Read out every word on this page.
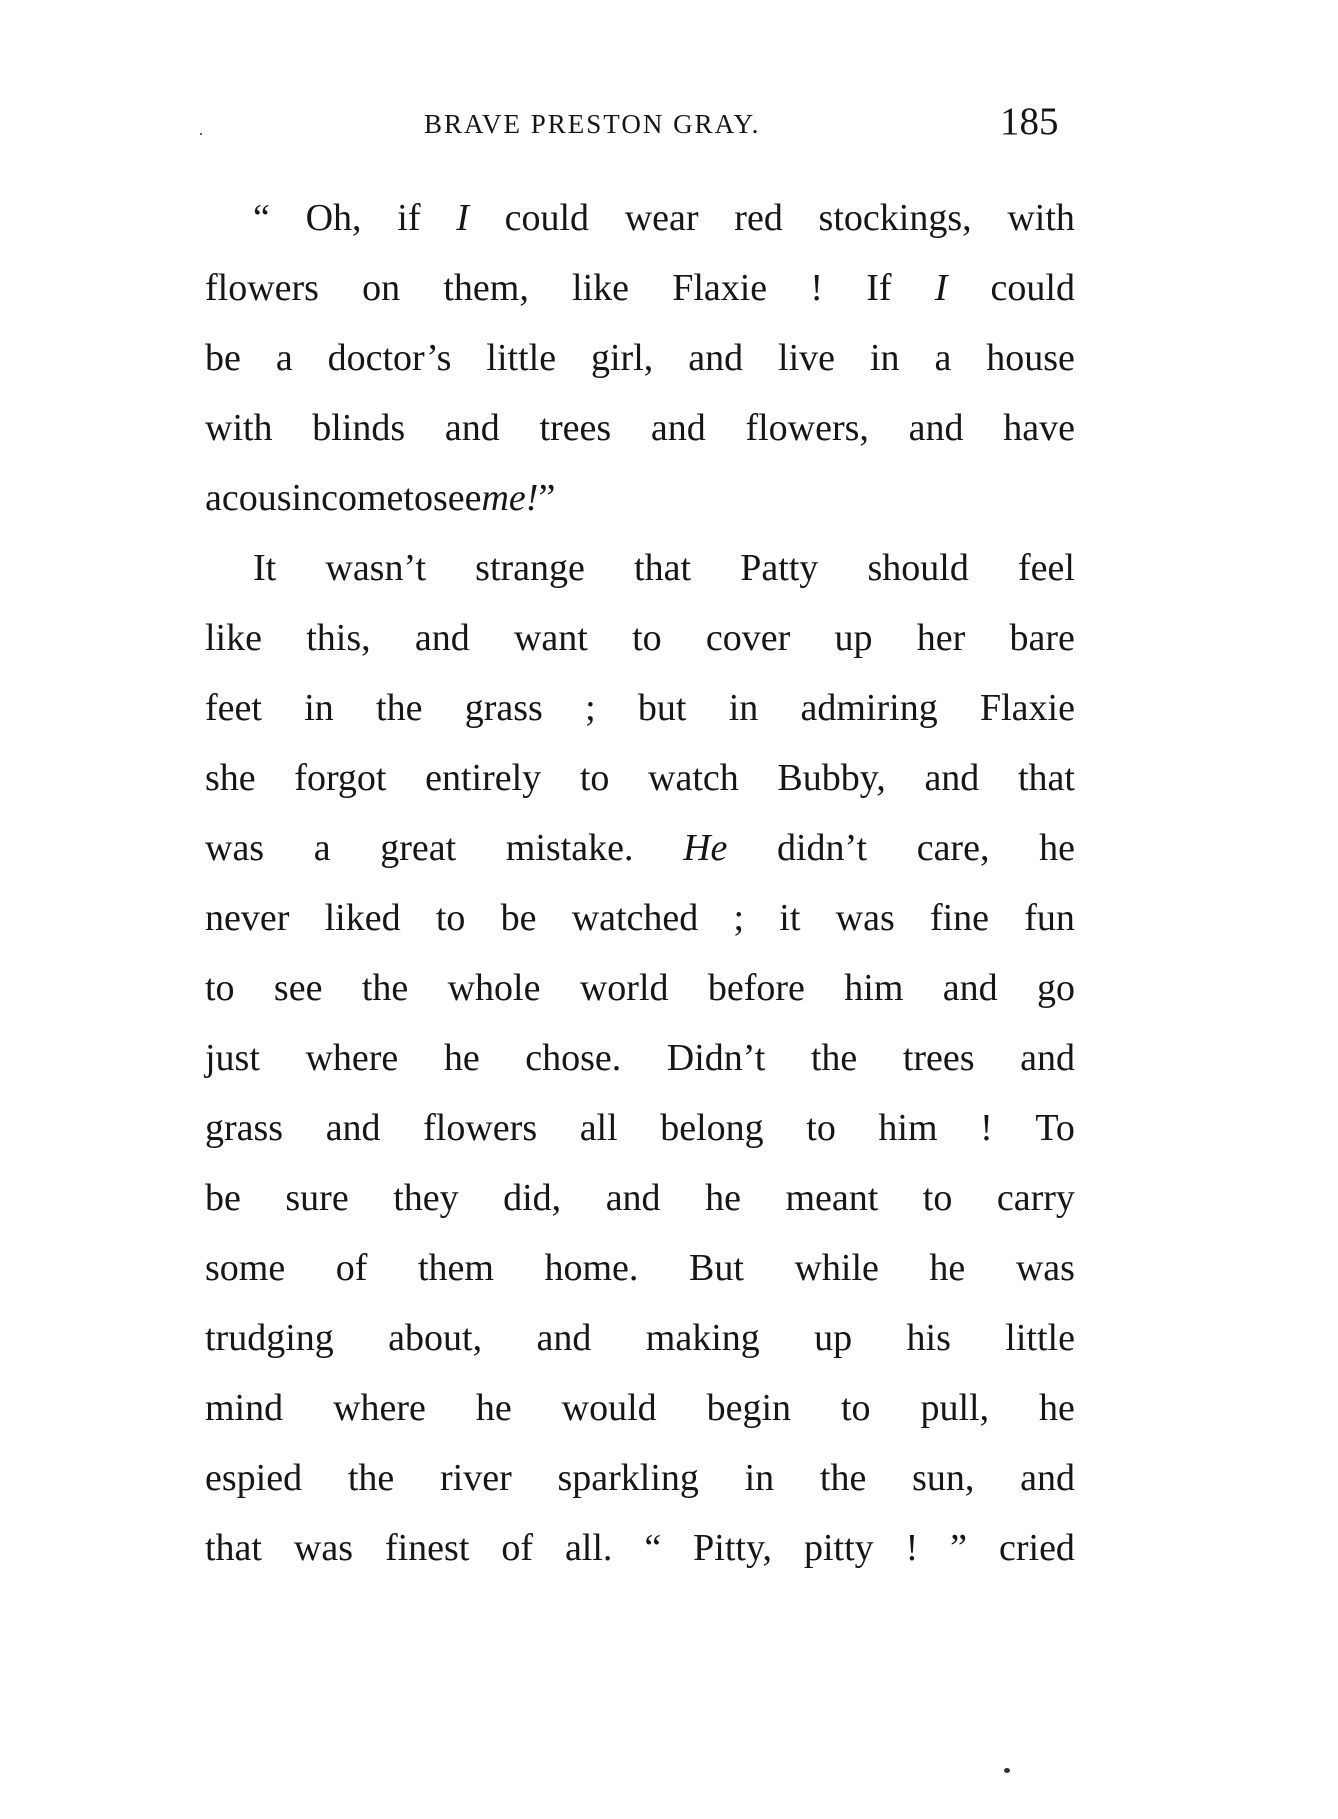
BRAVE PRESTON GRAY.	185
“ Oh, if I could wear red stockings, with
flowers on them, like Flaxie ! If I could
be a doctor’s little girl, and live in a house
with blinds and trees and flowers, and have
a cousin come to see me!”
It wasn’t strange that Patty should feel
like this, and want to cover up her bare
feet in the grass ; but in admiring Flaxie
she forgot entirely to watch Bubby, and that
was a great mistake. He didn’t care, he
never liked to be watched ; it was fine fun
to see the whole world before him and go
just where he chose. Didn’t the trees and
grass and flowers all belong to him ! To
be sure they did, and he meant to carry
some of them home. But while he was
trudging about, and making up his little
mind where he would begin to pull, he
espied the river sparkling in the sun, and
that was finest of all. “ Pitty, pitty ! ” cried
